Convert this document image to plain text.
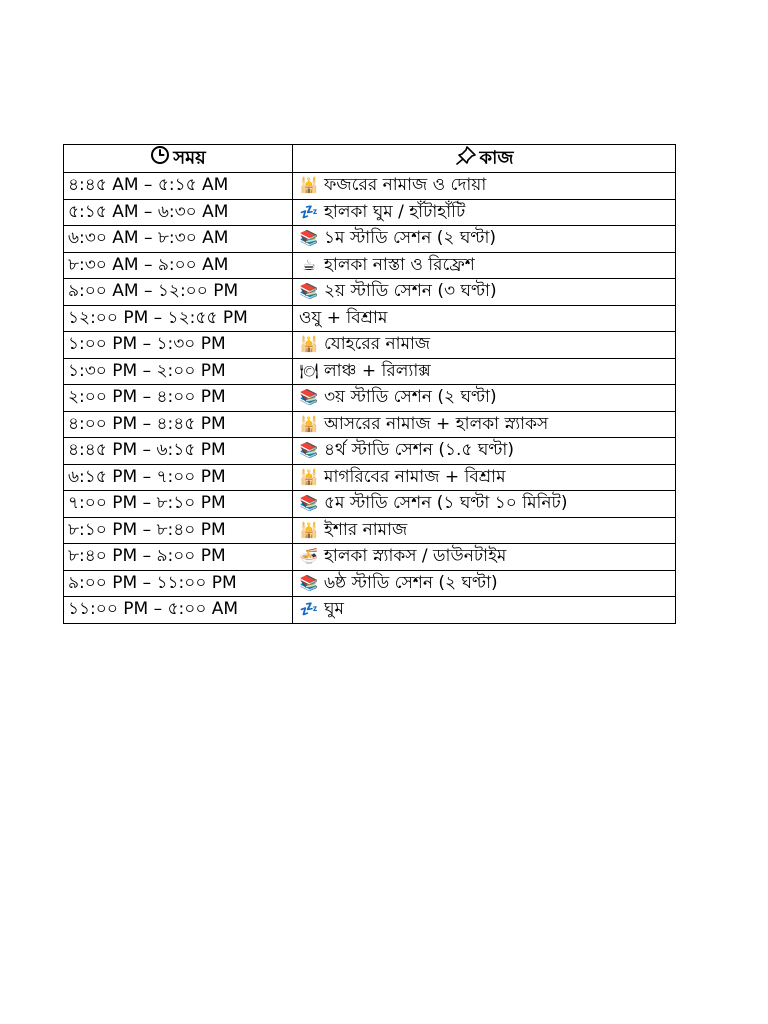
সময়	কাজ
৪:৪৫ AM – ৫:১৫ AM	🕌 ফজরের নামাজ ও দোয়া
৫:১৫ AM – ৬:৩০ AM	💤 হালকা ঘুম / হাঁটাহাঁটি
৬:৩০ AM – ৮:৩০ AM	📚 ১ম স্টাডি সেশন (২ ঘণ্টা)
৮:৩০ AM – ৯:০০ AM	☕ হালকা নাস্তা ও রিফ্রেশ
৯:০০ AM – ১২:০০ PM	📚 ২য় স্টাডি সেশন (৩ ঘণ্টা)
১২:০০ PM – ১২:৫৫ PM	ওযু + বিশ্রাম
১:০০ PM – ১:৩০ PM	🕌 যোহরের নামাজ
১:৩০ PM – ২:০০ PM	🍽 লাঞ্চ + রিল্যাক্স
২:০০ PM – ৪:০০ PM	📚 ৩য় স্টাডি সেশন (২ ঘণ্টা)
৪:০০ PM – ৪:৪৫ PM	🕌 আসরের নামাজ + হালকা স্ন্যাকস
৪:৪৫ PM – ৬:১৫ PM	📚 ৪র্থ স্টাডি সেশন (১.৫ ঘণ্টা)
৬:১৫ PM – ৭:০০ PM	🕌 মাগরিবের নামাজ + বিশ্রাম
৭:০০ PM – ৮:১০ PM	📚 ৫ম স্টাডি সেশন (১ ঘণ্টা ১০ মিনিট)
৮:১০ PM – ৮:৪০ PM	🕌 ইশার নামাজ
৮:৪০ PM – ৯:০০ PM	🍜 হালকা স্ন্যাকস / ডাউনটাইম
৯:০০ PM – ১১:০০ PM	📚 ৬ষ্ঠ স্টাডি সেশন (২ ঘণ্টা)
১১:০০ PM – ৫:০০ AM	💤 ঘুম
